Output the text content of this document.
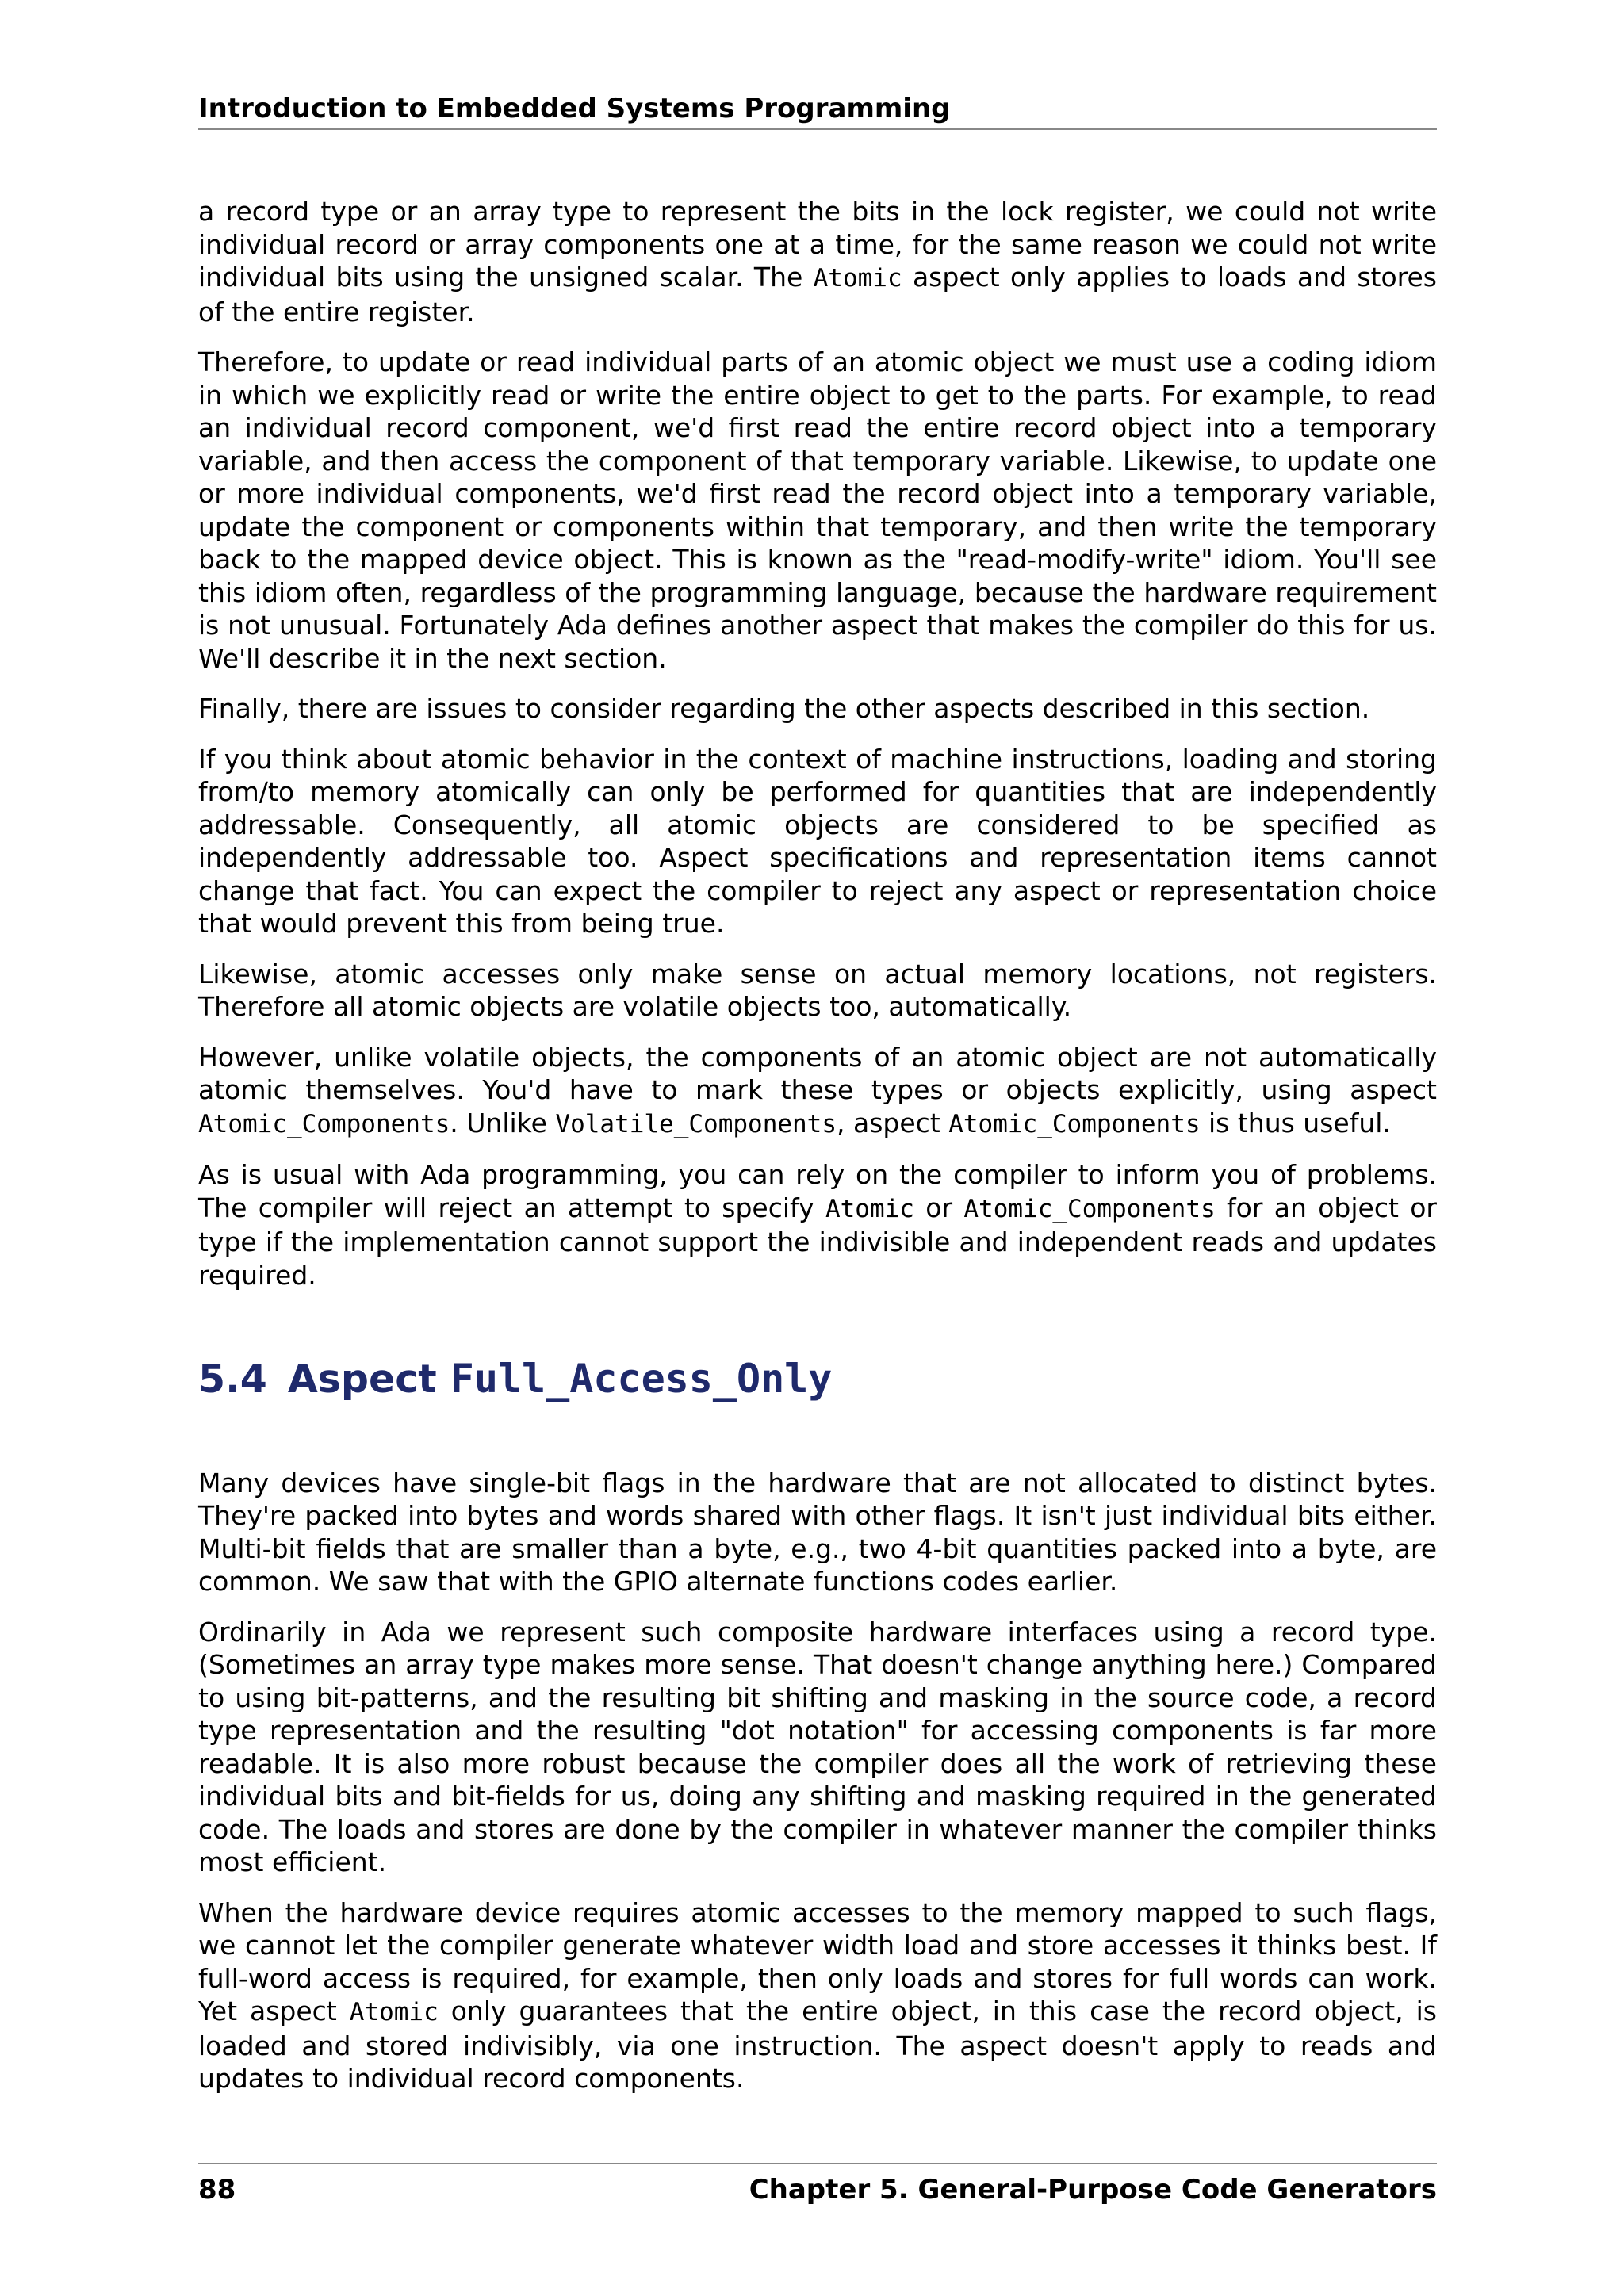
Introduction to Embedded Systems Programming

a record type or an array type to represent the bits in the lock register, we could not write individual record or array components one at a time, for the same reason we could not write individual bits using the unsigned scalar. The Atomic aspect only applies to loads and stores of the entire register.

Therefore, to update or read individual parts of an atomic object we must use a coding idiom in which we explicitly read or write the entire object to get to the parts. For example, to read an individual record component, we'd first read the entire record object into a temporary variable, and then access the component of that temporary variable. Likewise, to update one or more individual components, we'd first read the record object into a temporary variable, update the component or components within that temporary, and then write the temporary back to the mapped device object. This is known as the "read-modify-write" idiom. You'll see this idiom often, regardless of the programming language, because the hardware requirement is not unusual. Fortunately Ada defines another aspect that makes the compiler do this for us. We'll describe it in the next section.

Finally, there are issues to consider regarding the other aspects described in this section.

If you think about atomic behavior in the context of machine instructions, loading and storing from/to memory atomically can only be performed for quantities that are independently addressable. Consequently, all atomic objects are considered to be specified as independently addressable too. Aspect specifications and representation items cannot change that fact. You can expect the compiler to reject any aspect or representation choice that would prevent this from being true.

Likewise, atomic accesses only make sense on actual memory locations, not registers. Therefore all atomic objects are volatile objects too, automatically.

However, unlike volatile objects, the components of an atomic object are not automatically atomic themselves. You'd have to mark these types or objects explicitly, using aspect Atomic_Components. Unlike Volatile_Components, aspect Atomic_Components is thus useful.

As is usual with Ada programming, you can rely on the compiler to inform you of problems. The compiler will reject an attempt to specify Atomic or Atomic_Components for an object or type if the implementation cannot support the indivisible and independent reads and updates required.

5.4 Aspect Full_Access_Only

Many devices have single-bit flags in the hardware that are not allocated to distinct bytes. They're packed into bytes and words shared with other flags. It isn't just individual bits either. Multi-bit fields that are smaller than a byte, e.g., two 4-bit quantities packed into a byte, are common. We saw that with the GPIO alternate functions codes earlier.

Ordinarily in Ada we represent such composite hardware interfaces using a record type. (Sometimes an array type makes more sense. That doesn't change anything here.) Compared to using bit-patterns, and the resulting bit shifting and masking in the source code, a record type representation and the resulting "dot notation" for accessing components is far more readable. It is also more robust because the compiler does all the work of retrieving these individual bits and bit-fields for us, doing any shifting and masking required in the generated code. The loads and stores are done by the compiler in whatever manner the compiler thinks most efficient.

When the hardware device requires atomic accesses to the memory mapped to such flags, we cannot let the compiler generate whatever width load and store accesses it thinks best. If full-word access is required, for example, then only loads and stores for full words can work. Yet aspect Atomic only guarantees that the entire object, in this case the record object, is loaded and stored indivisibly, via one instruction. The aspect doesn't apply to reads and updates to individual record components.

88	Chapter 5. General-Purpose Code Generators
